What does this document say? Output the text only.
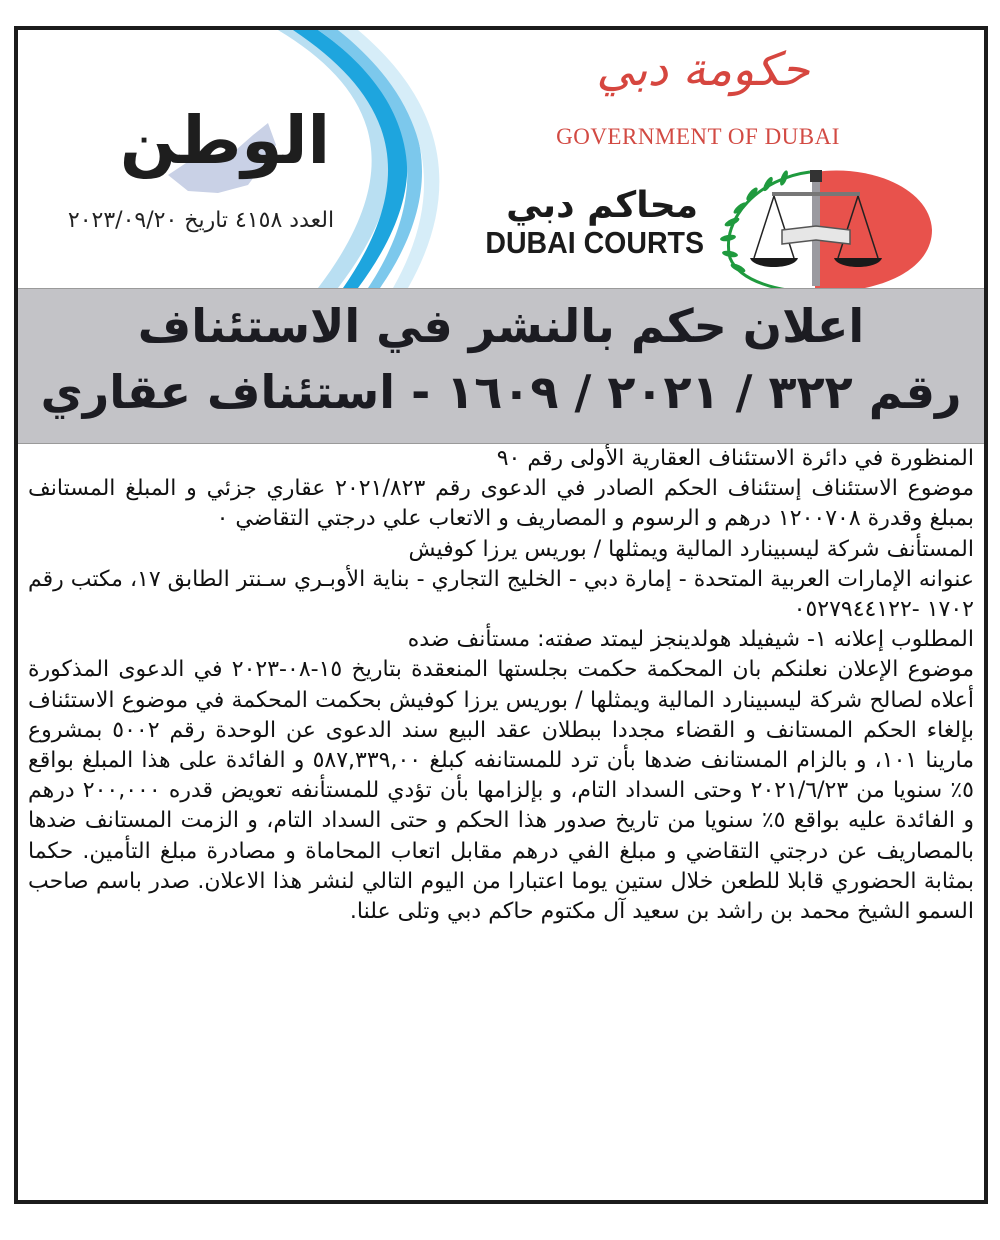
الوطن
العدد ٤١٥٨ تاريخ ٢٠٢٣/٠٩/٢٠
حكومة دبي
GOVERNMENT OF DUBAI
محاكم دبي
DUBAI COURTS
اعلان حكم بالنشر في الاستئناف
رقم ٣٢٢ / ٢٠٢١ / ١٦٠٩ - استئناف عقاري

المنظورة في دائرة الاستئناف العقارية الأولى رقم ٩٠

موضوع الاستئناف إستئناف الحكم الصادر في الدعوى رقم ٢٠٢١/٨٢٣ عقاري جزئي و المبلغ المستانف بمبلغ وقدرة ١٢٠٠٧٠٨ درهم و الرسوم و المصاريف و الاتعاب علي درجتي التقاضي ٠

المستأنف شركة ليسبينارد المالية ويمثلها / بوريس يرزا كوفيش

عنوانه الإمارات العربية المتحدة - إمارة دبي - الخليج التجاري - بناية الأوبـري سـنتر الطابق ١٧، مكتب رقم ١٧٠٢ -٠٥٢٧٩٤٤١٢٢

المطلوب إعلانه ١- شيفيلد هولدينجز ليمتد صفته: مستأنف ضده

موضوع الإعلان نعلنكم بان المحكمة حكمت بجلستها المنعقدة بتاريخ ١٥-٠٨-٢٠٢٣ في الدعوى المذكورة أعلاه لصالح شركة ليسبينارد المالية ويمثلها / بوريس يرزا كوفيش بحكمت المحكمة في موضوع الاستئناف بإلغاء الحكم المستانف و القضاء مجددا ببطلان عقد البيع سند الدعوى عن الوحدة رقم ٥٠٠٢ بمشروع مارينا ١٠١، و بالزام المستانف ضدها بأن ترد للمستانفه كبلغ ٥٨٧,٣٣٩,٠٠ و الفائدة على هذا المبلغ بواقع ٥٪ سنويا من ٢٠٢١/٦/٢٣ وحتى السداد التام، و بإلزامها بأن تؤدي للمستأنفه تعويض قدره ٢٠٠,٠٠٠ درهم و الفائدة عليه بواقع ٥٪ سنويا من تاريخ صدور هذا الحكم و حتى السداد التام، و الزمت المستانف ضدها بالمصاريف عن درجتي التقاضي و مبلغ الفي درهم مقابل اتعاب المحاماة و مصادرة مبلغ التأمين. حكما بمثابة الحضوري قابلا للطعن خلال ستين يوما اعتبارا من اليوم التالي لنشر هذا الاعلان. صدر باسم صاحب السمو الشيخ محمد بن راشد بن سعيد آل مكتوم حاكم دبي وتلى علنا.
